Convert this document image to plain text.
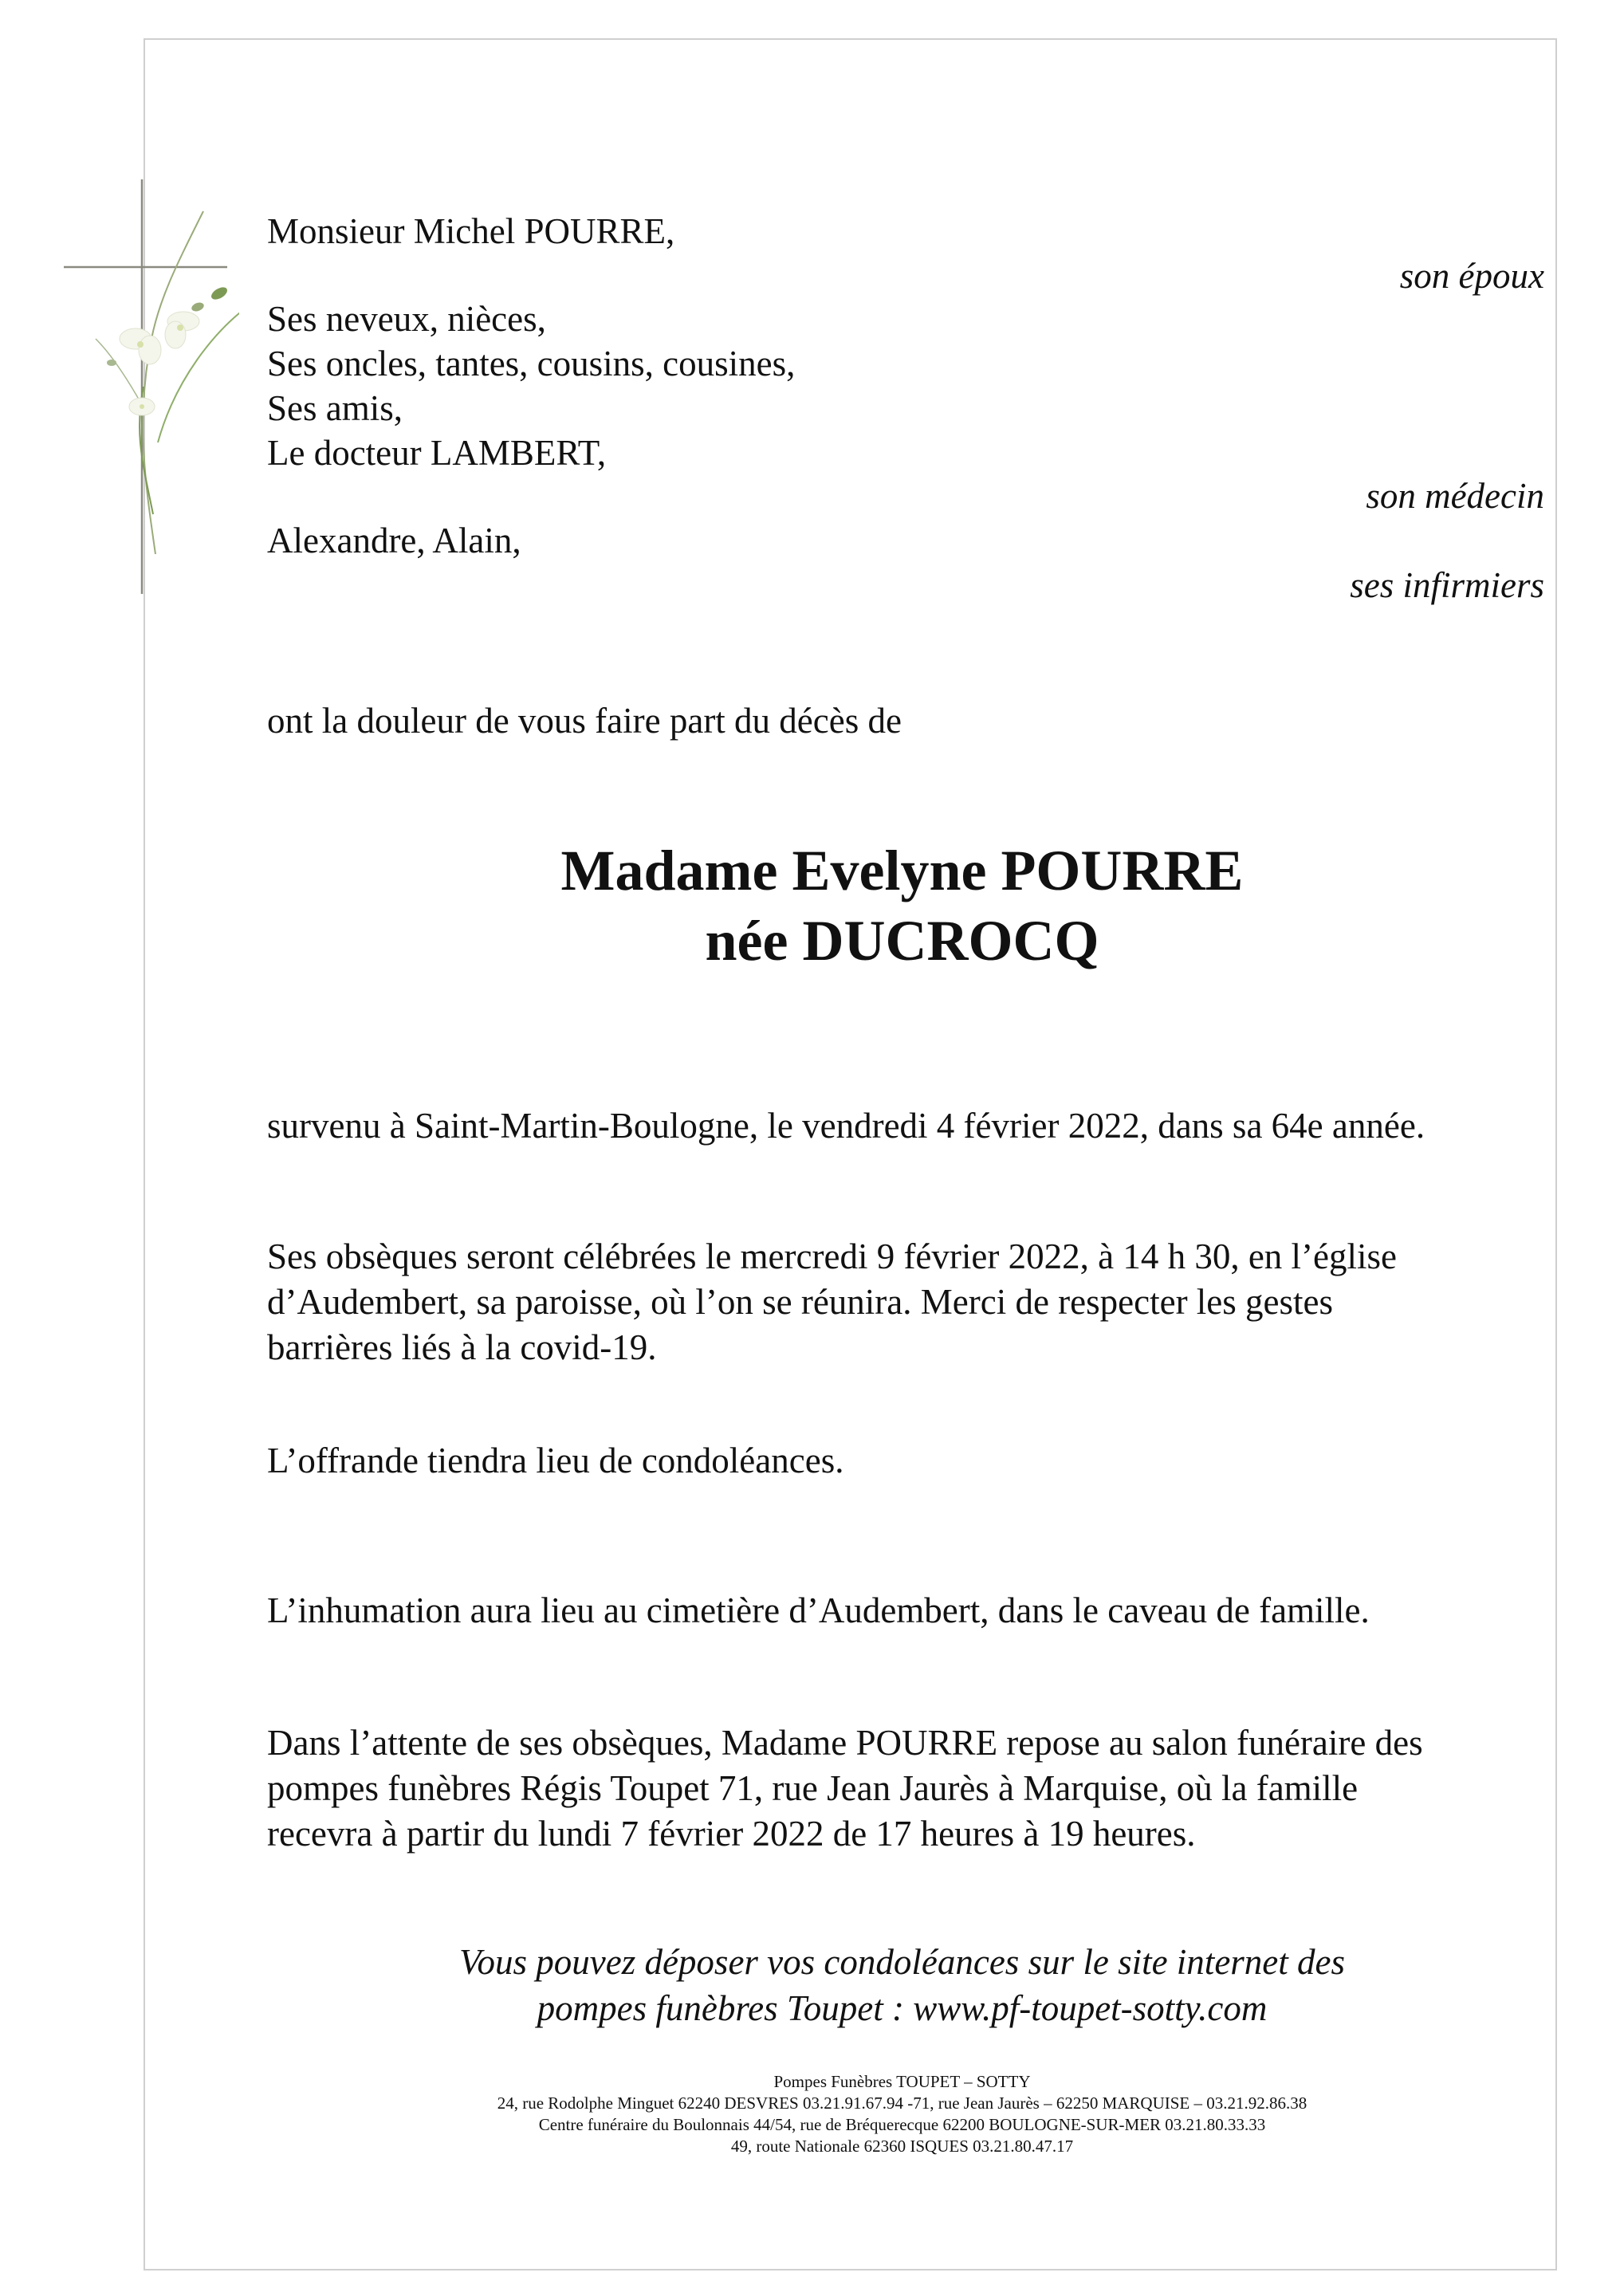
Monsieur Michel POURRE,
son époux
Ses neveux, nièces,
Ses oncles, tantes, cousins, cousines,
Ses amis,
Le docteur LAMBERT,
son médecin
Alexandre, Alain,
ses infirmiers
ont la douleur de vous faire part du décès de
Madame Evelyne POURRE
née DUCROCQ
survenu à Saint-Martin-Boulogne, le vendredi 4 février 2022, dans sa 64e année.
Ses obsèques seront célébrées le mercredi 9 février 2022, à 14 h 30, en l’église
d’Audembert, sa paroisse, où l’on se réunira. Merci de respecter les gestes
barrières liés à la covid-19.
L’offrande tiendra lieu de condoléances.
L’inhumation aura lieu au cimetière d’Audembert, dans le caveau de famille.
Dans l’attente de ses obsèques, Madame POURRE repose au salon funéraire des
pompes funèbres Régis Toupet 71, rue Jean Jaurès à Marquise, où la famille
recevra à partir du lundi 7 février 2022 de 17 heures à 19 heures.
Vous pouvez déposer vos condoléances sur le site internet des
pompes funèbres Toupet : www.pf-toupet-sotty.com
Pompes Funèbres TOUPET – SOTTY
24, rue Rodolphe Minguet 62240 DESVRES 03.21.91.67.94 -71, rue Jean Jaurès – 62250 MARQUISE – 03.21.92.86.38
Centre funéraire du Boulonnais 44/54, rue de Bréquerecque 62200 BOULOGNE-SUR-MER 03.21.80.33.33
49, route Nationale 62360 ISQUES 03.21.80.47.17
